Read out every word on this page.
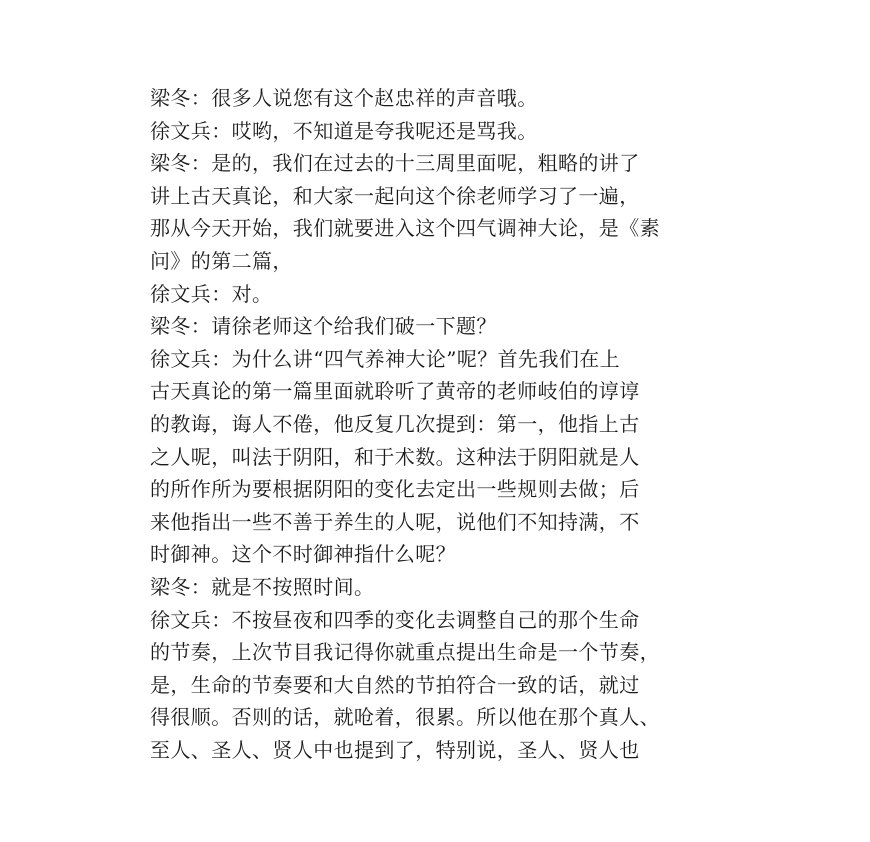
梁冬：很多人说您有这个赵忠祥的声音哦。
徐文兵：哎哟，不知道是夸我呢还是骂我。
梁冬：是的，我们在过去的十三周里面呢，粗略的讲了
讲上古天真论，和大家一起向这个徐老师学习了一遍，
那从今天开始，我们就要进入这个四气调神大论，是《素
问》的第二篇，
徐文兵：对。
梁冬：请徐老师这个给我们破一下题？
徐文兵：为什么讲“四气养神大论”呢？首先我们在上
古天真论的第一篇里面就聆听了黄帝的老师岐伯的谆谆
的教诲，诲人不倦，他反复几次提到：第一，他指上古
之人呢，叫法于阴阳，和于术数。这种法于阴阳就是人
的所作所为要根据阴阳的变化去定出一些规则去做；后
来他指出一些不善于养生的人呢，说他们不知持满，不
时御神。这个不时御神指什么呢？
梁冬：就是不按照时间。
徐文兵：不按昼夜和四季的变化去调整自己的那个生命
的节奏，上次节目我记得你就重点提出生命是一个节奏，
是，生命的节奏要和大自然的节拍符合一致的话，就过
得很顺。否则的话，就呛着，很累。所以他在那个真人、
至人、圣人、贤人中也提到了，特别说，圣人、贤人也
